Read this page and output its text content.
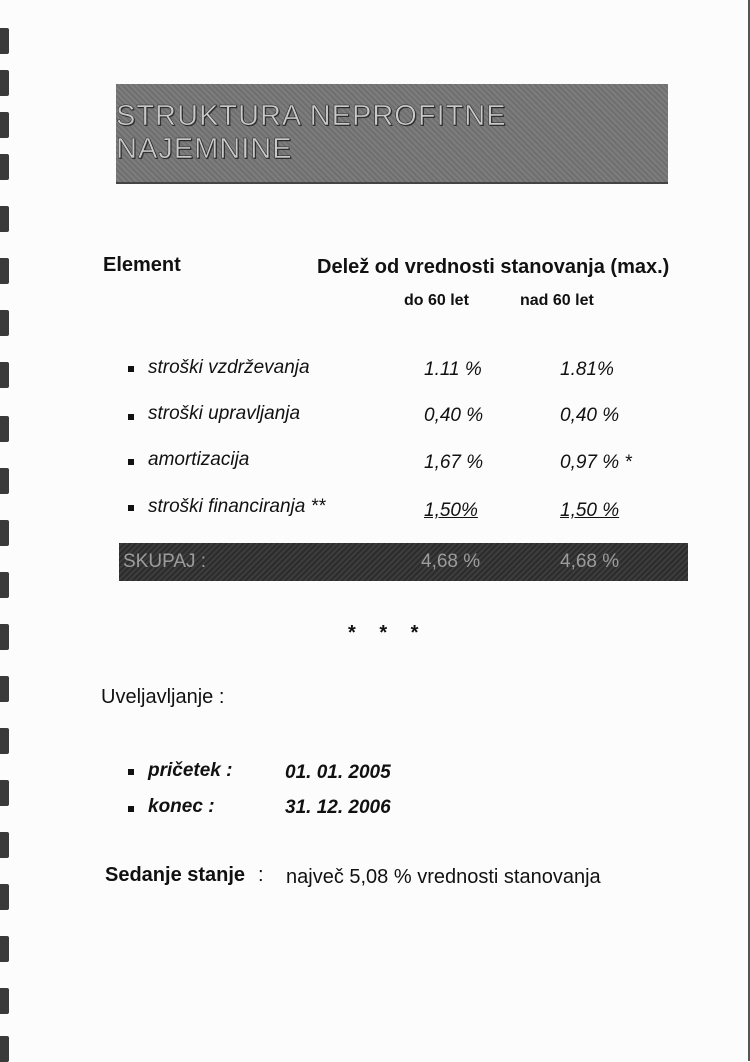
STRUKTURA NEPROFITNE NAJEMNINE
Element	Delež od vrednosti stanovanja (max.)
do 60 let	nad 60 let
stroški vzdrževanja	1.11 %	1.81%
stroški upravljanja	0,40 %	0,40 %
amortizacija	1,67 %	0,97 % *
stroški financiranja **	1,50%	1,50 %
SKUPAJ :	4,68 %	4,68 %
* * *
Uveljavljanje :
pričetek :	01. 01. 2005
konec :	31. 12. 2006
Sedanje stanje : največ 5,08 % vrednosti stanovanja
